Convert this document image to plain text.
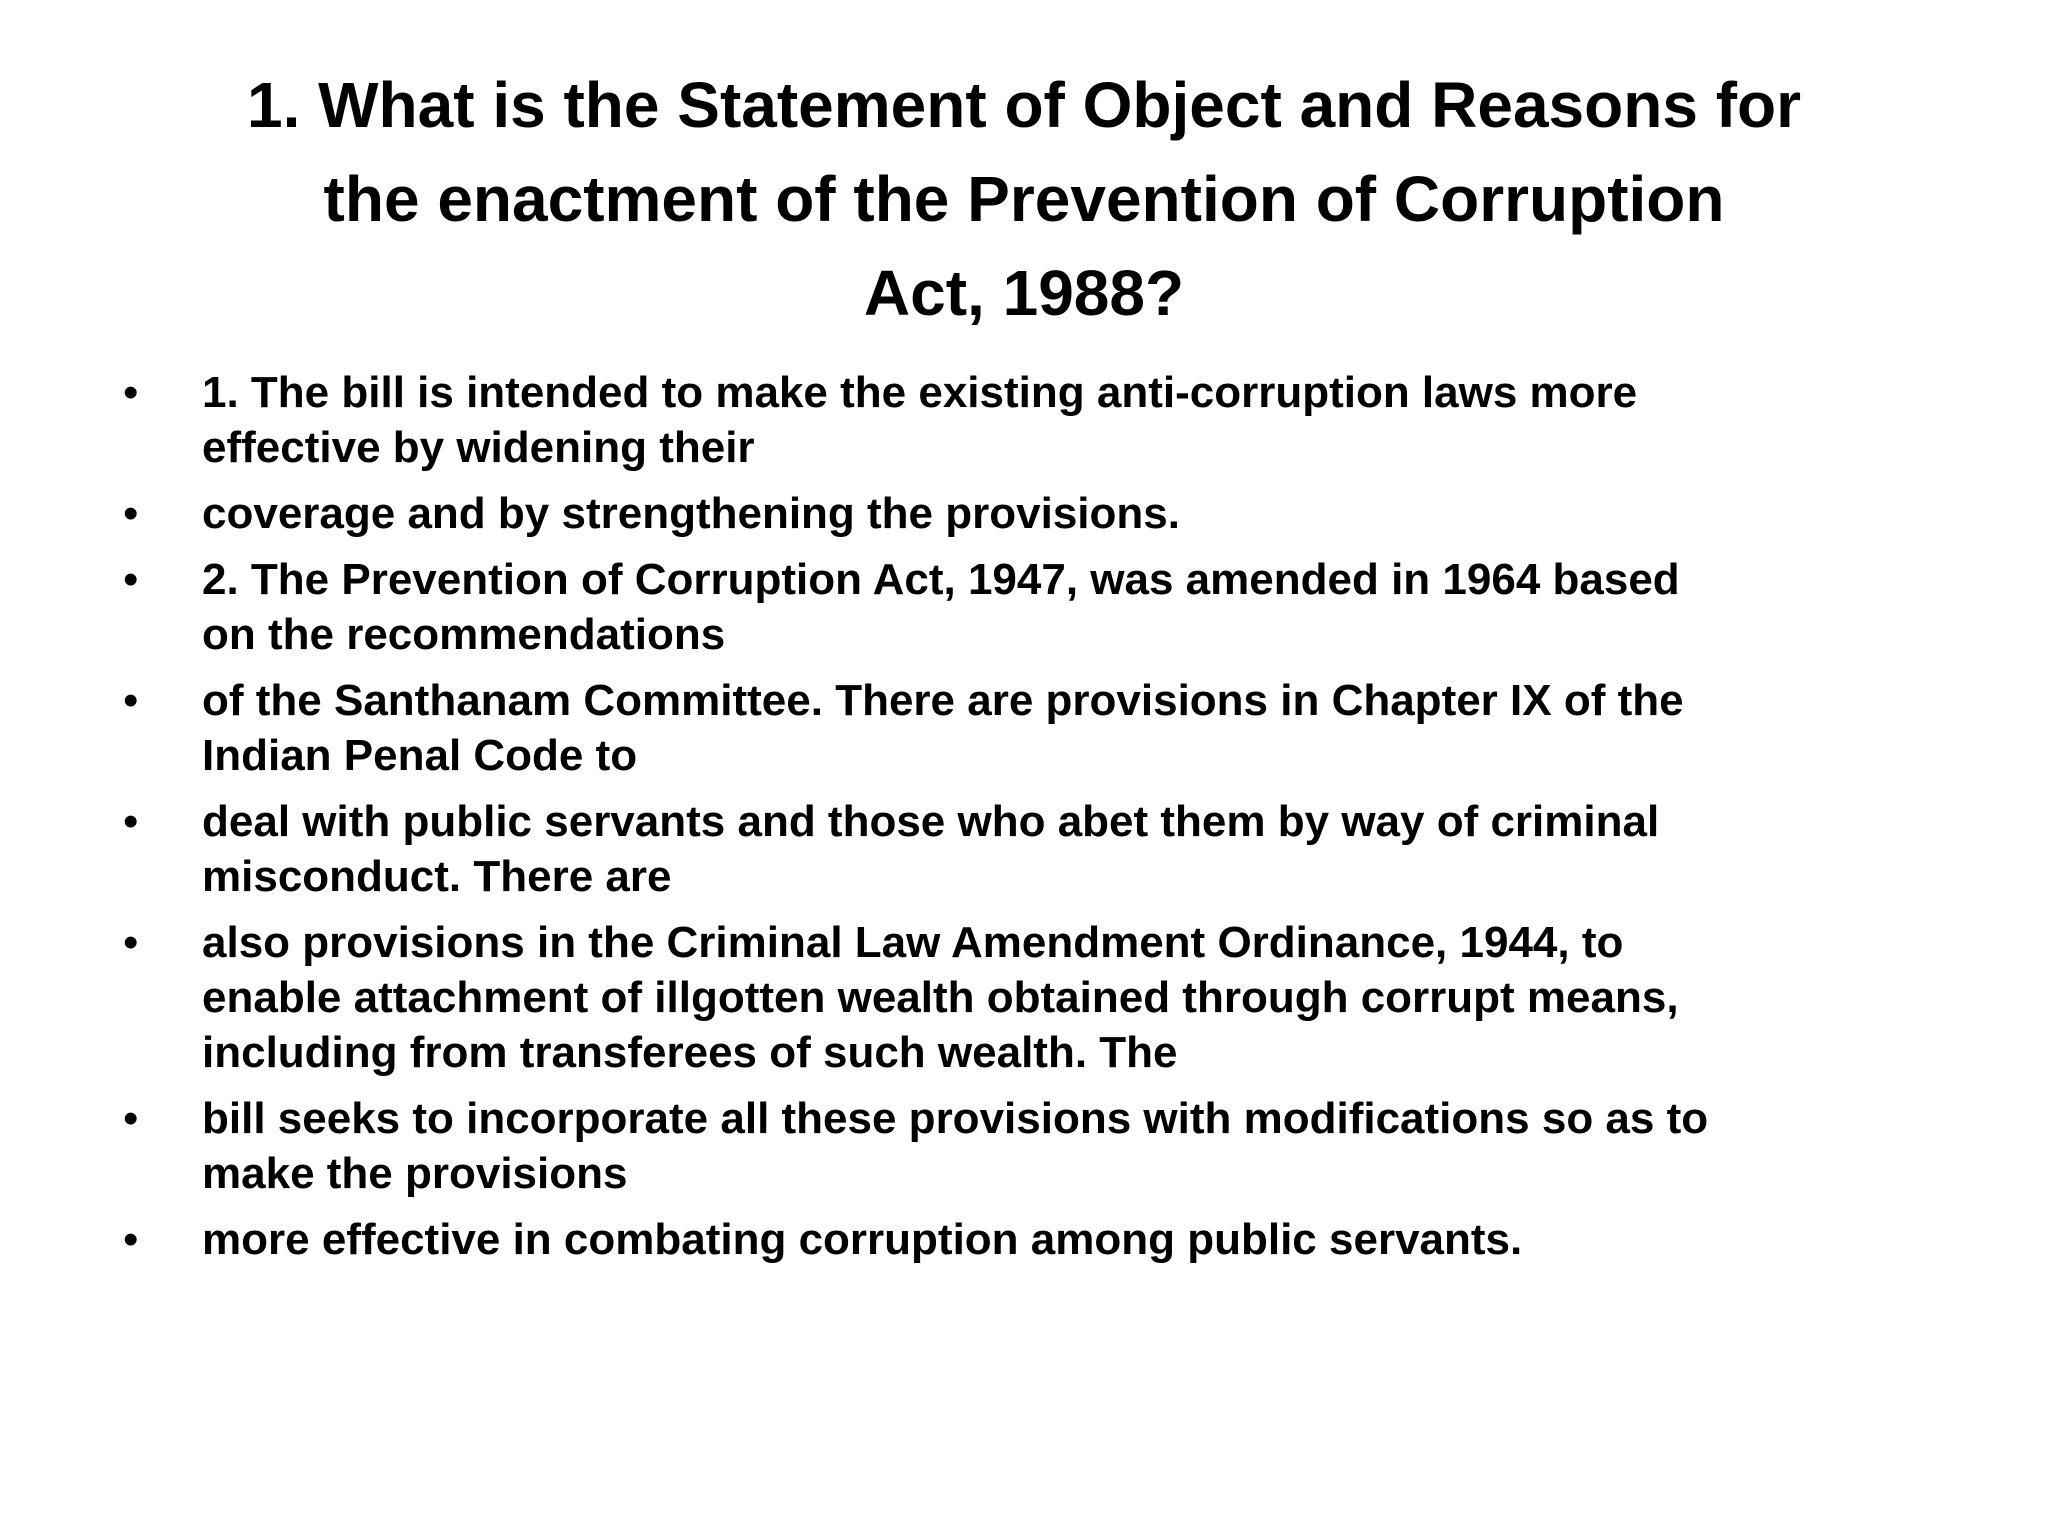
1. What is the Statement of Object and Reasons for
the enactment of the Prevention of Corruption
Act, 1988?
• 1. The bill is intended to make the existing anti-corruption laws more
effective by widening their
• coverage and by strengthening the provisions.
• 2. The Prevention of Corruption Act, 1947, was amended in 1964 based
on the recommendations
• of the Santhanam Committee. There are provisions in Chapter IX of the
Indian Penal Code to
• deal with public servants and those who abet them by way of criminal
misconduct. There are
• also provisions in the Criminal Law Amendment Ordinance, 1944, to
enable attachment of illgotten wealth obtained through corrupt means,
including from transferees of such wealth. The
• bill seeks to incorporate all these provisions with modifications so as to
make the provisions
• more effective in combating corruption among public servants.
